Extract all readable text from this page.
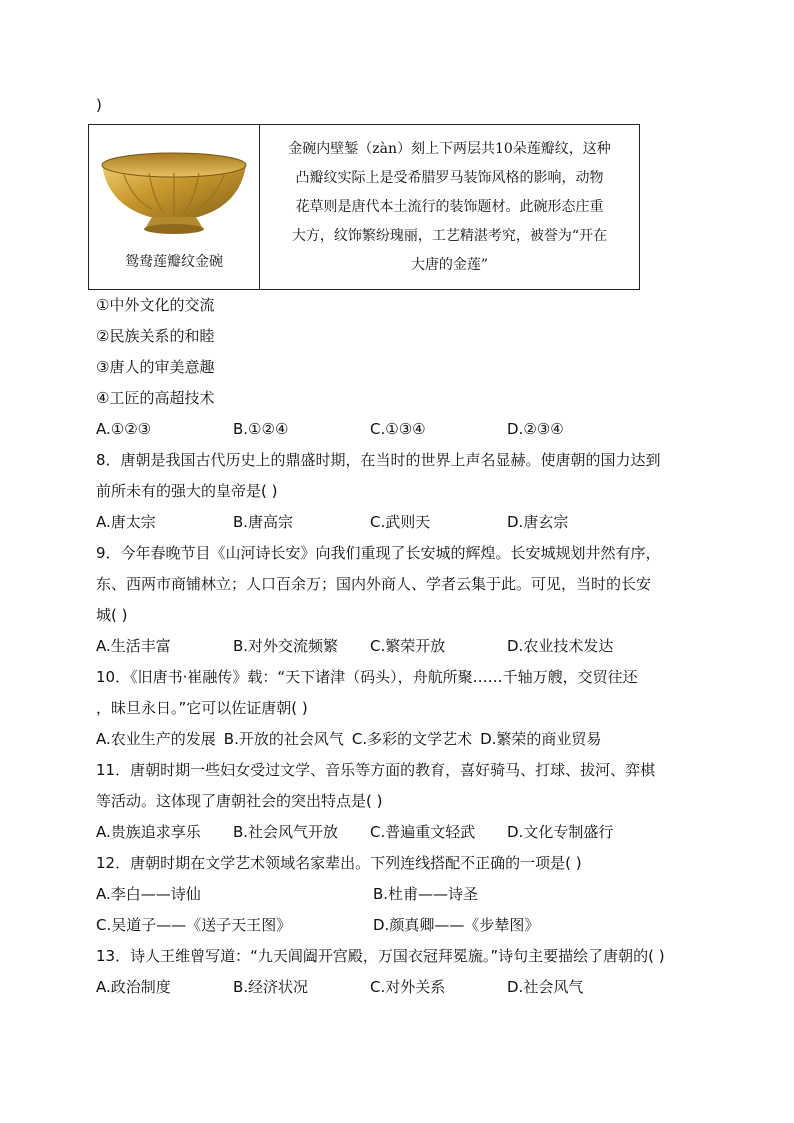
)
鸳鸯莲瓣纹金碗

金碗内壁錾（zàn）刻上下两层共10朵莲瓣纹，这种
凸瓣纹实际上是受希腊罗马装饰风格的影响，动物
花草则是唐代本土流行的装饰题材。此碗形态庄重
大方，纹饰繁纷瑰丽，工艺精湛考究，被誉为“开在
大唐的金莲”
①中外文化的交流
②民族关系的和睦
③唐人的审美意趣
④工匠的高超技术
A.①②③	B.①②④	C.①③④	D.②③④
8．唐朝是我国古代历史上的鼎盛时期，在当时的世界上声名显赫。使唐朝的国力达到
前所未有的强大的皇帝是( )
A.唐太宗	B.唐高宗	C.武则天	D.唐玄宗
9．今年春晚节目《山河诗长安》向我们重现了长安城的辉煌。长安城规划井然有序，
东、西两市商铺林立；人口百余万；国内外商人、学者云集于此。可见，当时的长安
城( )
A.生活丰富	B.对外交流频繁	C.繁荣开放	D.农业技术发达
10．《旧唐书·崔融传》载：“天下诸津（码头），舟航所聚……千轴万艘，交贸往还
，昧旦永日。”它可以佐证唐朝( )
A.农业生产的发展 B.开放的社会风气 C.多彩的文学艺术 D.繁荣的商业贸易
11．唐朝时期一些妇女受过文学、音乐等方面的教育，喜好骑马、打球、拔河、弈棋
等活动。这体现了唐朝社会的突出特点是( )
A.贵族追求享乐	B.社会风气开放	C.普遍重文轻武	D.文化专制盛行
12．唐朝时期在文学艺术领域名家辈出。下列连线搭配不正确的一项是( )
A.李白——诗仙	B.杜甫——诗圣
C.吴道子——《送子天王图》	D.颜真卿——《步辇图》
13．诗人王维曾写道：“九天阊阖开宫殿，万国衣冠拜冕旒。”诗句主要描绘了唐朝的( )
A.政治制度	B.经济状况	C.对外关系	D.社会风气
